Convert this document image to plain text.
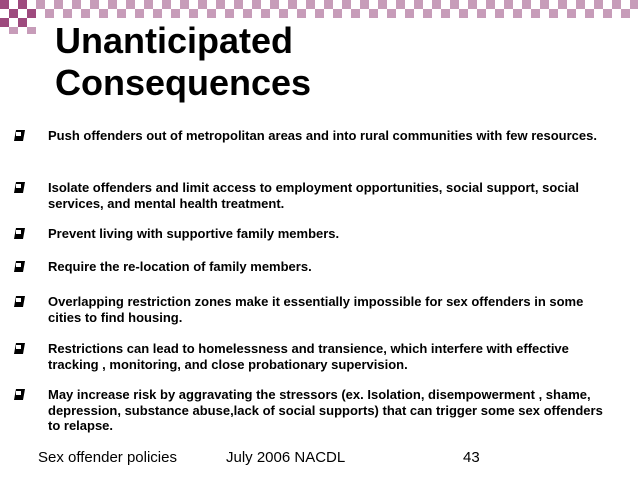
Unanticipated
Consequences
Push offenders out of metropolitan areas and into rural communities with few resources.
Isolate offenders and limit access to employment opportunities, social support, social services, and mental health treatment.
Prevent living with supportive family members.
Require the re-location of family members.
Overlapping restriction zones make it essentially impossible for sex offenders in some cities to find housing.
Restrictions can lead to homelessness and transience, which interfere with effective tracking , monitoring, and close probationary supervision.
May increase risk by aggravating the stressors (ex. Isolation, disempowerment , shame, depression, substance abuse,lack of social supports) that can trigger some sex offenders to relapse.
Sex offender policies	July 2006 NACDL	43
